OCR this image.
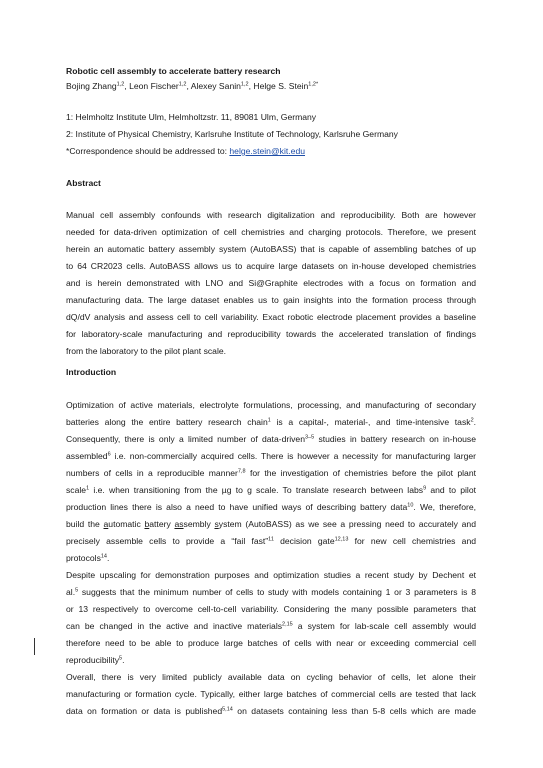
Robotic cell assembly to accelerate battery research
Bojing Zhang$^{1,2}$, Leon Fischer$^{1,2}$, Alexey Sanin$^{1,2}$, Helge S. Stein$^{1,2*}$
1: Helmholtz Institute Ulm, Helmholtzstr. 11, 89081 Ulm, Germany
2: Institute of Physical Chemistry, Karlsruhe Institute of Technology, Karlsruhe Germany
*Correspondence should be addressed to: helge.stein@kit.edu
Abstract
Manual cell assembly confounds with research digitalization and reproducibility. Both are however
needed for data-driven optimization of cell chemistries and charging protocols. Therefore, we present
herein an automatic battery assembly system (AutoBASS) that is capable of assembling batches of up
to 64 CR2023 cells. AutoBASS allows us to acquire large datasets on in-house developed chemistries
and is herein demonstrated with LNO and Si@Graphite electrodes with a focus on formation and
manufacturing data. The large dataset enables us to gain insights into the formation process through
dQ/dV analysis and assess cell to cell variability. Exact robotic electrode placement provides a baseline
for laboratory-scale manufacturing and reproducibility towards the accelerated translation of findings
from the laboratory to the pilot plant scale.
Introduction
Optimization of active materials, electrolyte formulations, processing, and manufacturing of secondary
batteries along the entire battery research chain$^1$ is a capital-, material-, and time-intensive task$^2$.
Consequently, there is only a limited number of data-driven$^{3-5}$ studies in battery research on in-house
assembled$^6$ i.e. non-commercially acquired cells. There is however a necessity for manufacturing larger
numbers of cells in a reproducible manner$^{7,8}$ for the investigation of chemistries before the pilot plant
scale$^1$ i.e. when transitioning from the µg to g scale. To translate research between labs$^9$ and to pilot
production lines there is also a need to have unified ways of describing battery data$^{10}$. We, therefore,
build the automatic battery assembly system (AutoBASS) as we see a pressing need to accurately and
precisely assemble cells to provide a “fail fast”$^{11}$ decision gate$^{12,13}$ for new cell chemistries and
protocols$^{14}$.
Despite upscaling for demonstration purposes and optimization studies a recent study by Dechent et
al.$^5$ suggests that the minimum number of cells to study with models containing 1 or 3 parameters is 8
or 13 respectively to overcome cell-to-cell variability. Considering the many possible parameters that
can be changed in the active and inactive materials$^{2,15}$ a system for lab-scale cell assembly would
therefore need to be able to produce large batches of cells with near or exceeding commercial cell
reproducibility$^5$.
Overall, there is very limited publicly available data on cycling behavior of cells, let alone their
manufacturing or formation cycle. Typically, either large batches of commercial cells are tested that lack
data on formation or data is published$^{5,14}$ on datasets containing less than 5-8 cells which are made
